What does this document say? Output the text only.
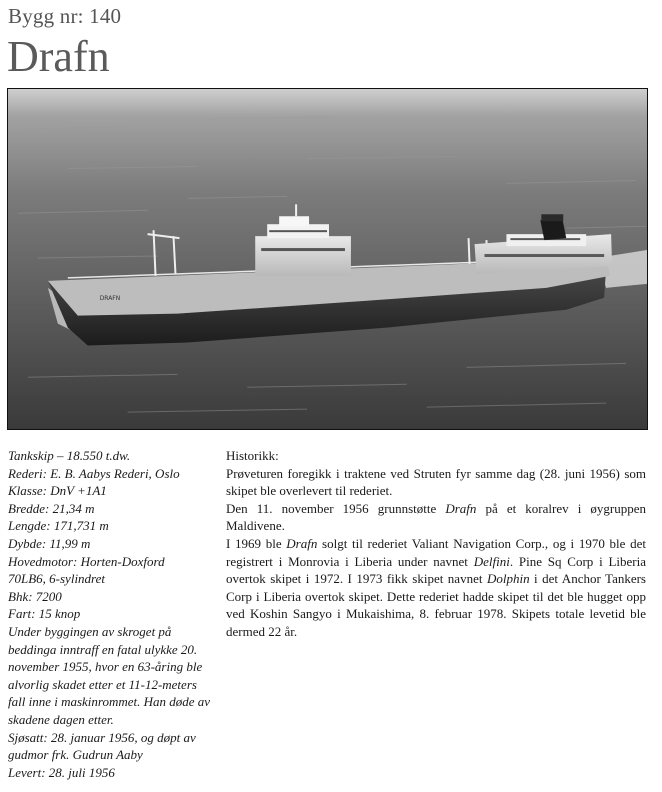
Bygg nr: 140
Drafn
DRAFN
Tankskip – 18.550 t.dw.
Rederi: E. B. Aabys Rederi, Oslo
Klasse: DnV +1A1
Bredde: 21,34 m
Lengde: 171,731 m
Dybde: 11,99 m
Hovedmotor: Horten-Doxford
70LB6, 6-sylindret
Bhk: 7200
Fart: 15 knop
Under byggingen av skroget på beddinga inntraff en fatal ulykke 20. november 1955, hvor en 63-åring ble alvorlig skadet etter et 11-12-meters fall inne i maskinrommet. Han døde av skadene dagen etter.
Sjøsatt: 28. januar 1956, og døpt av gudmor frk. Gudrun Aaby
Levert: 28. juli 1956

Historikk:

Prøveturen foregikk i traktene ved Struten fyr samme dag (28. juni 1956) som skipet ble overlevert til rederiet.

Den 11. november 1956 grunnstøtte Drafn på et koralrev i øygruppen Maldivene.

I 1969 ble Drafn solgt til rederiet Valiant Navigation Corp., og i 1970 ble det registrert i Monrovia i Liberia under navnet Delfini. Pine Sq Corp i Liberia overtok skipet i 1972. I 1973 fikk skipet navnet Dolphin i det Anchor Tankers Corp i Liberia overtok skipet. Dette rederiet hadde skipet til det ble hugget opp ved Koshin Sangyo i Mukaishima, 8. februar 1978. Skipets totale levetid ble dermed 22 år.
